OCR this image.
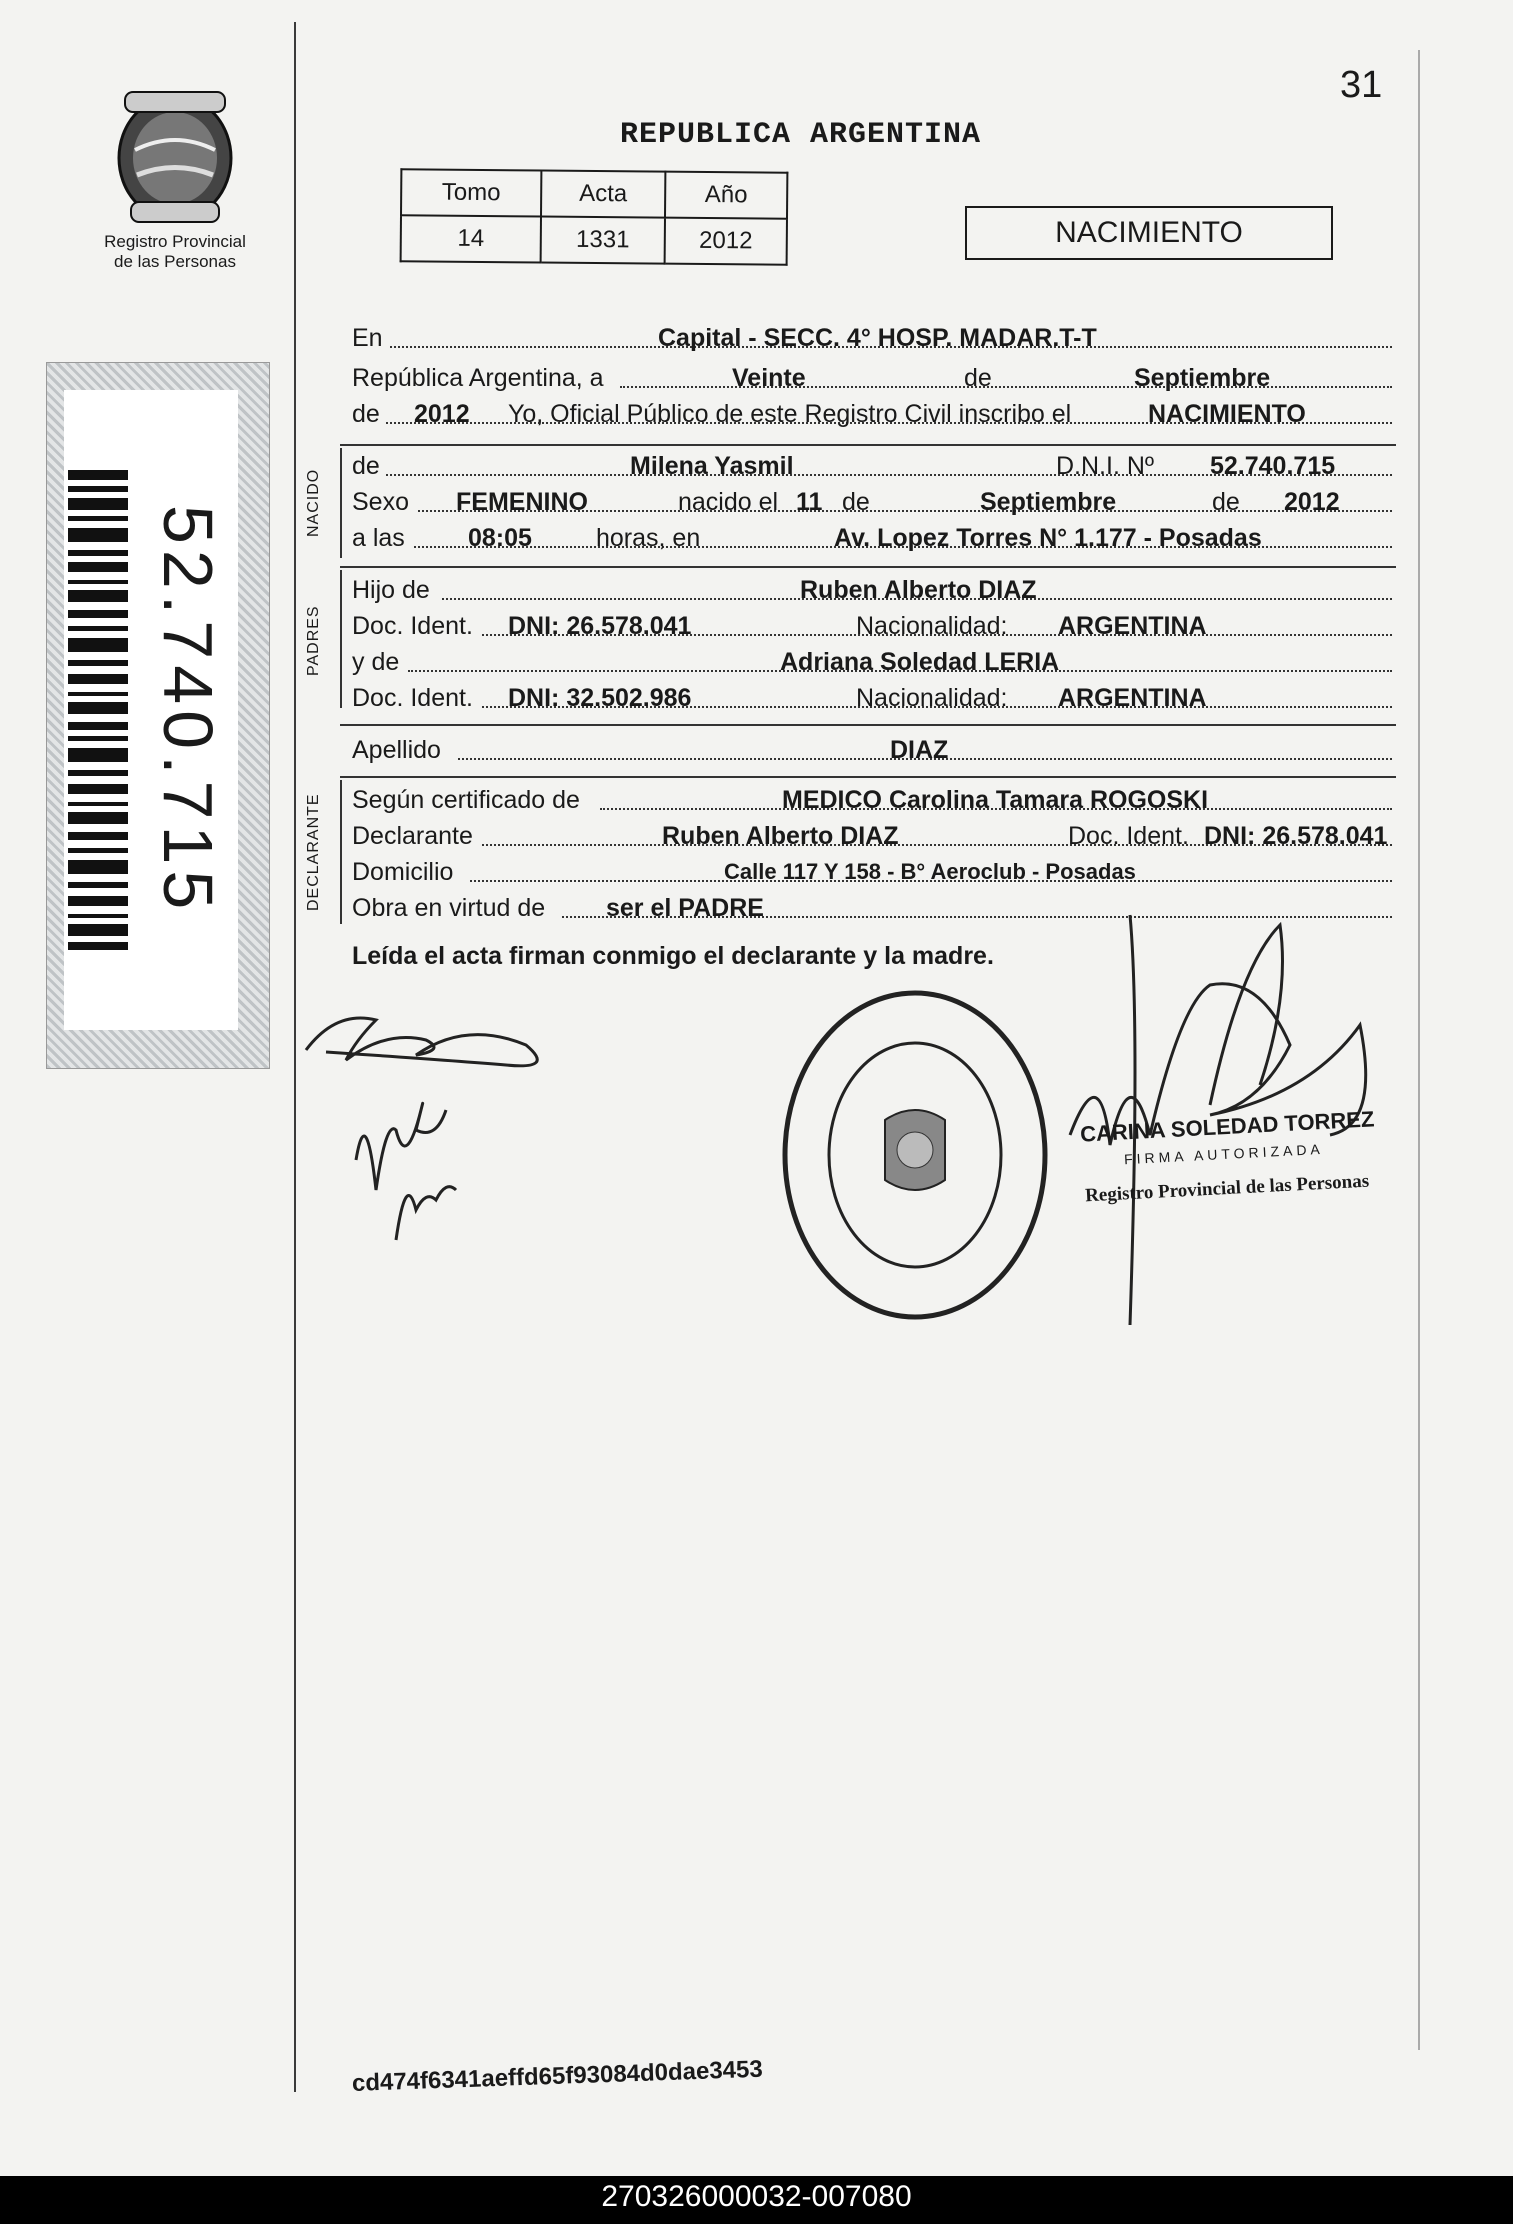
Registro Provincial
de las Personas
52.740.715
31
REPUBLICA ARGENTINA
Tomo	Acta	Año
14	1331	2012	NACIMIENTO
En	Capital - SECC. 4° HOSP. MADAR.T-T
República Argentina, a	Veinte	de	Septiembre
de 2012 Yo, Oficial Público de este Registro Civil inscribo el	NACIMIENTO
NACIDO
de	Milena Yasmil	D.N.I. Nº 52.740.715
Sexo FEMENINO	nacido el 11 de	Septiembre	de 2012
a las	08:05	horas, en	Av. Lopez Torres N° 1.177 - Posadas
PADRES
Hijo de	Ruben Alberto DIAZ
Doc. Ident. DNI: 26.578.041	Nacionalidad: ARGENTINA
y de	Adriana Soledad LERIA
Doc. Ident. DNI: 32.502.986	Nacionalidad: ARGENTINA
Apellido	DIAZ
DECLARANTE	Según certificado de	MEDICO Carolina Tamara ROGOSKI
Declarante	Ruben Alberto DIAZ	Doc. Ident. DNI: 26.578.041
Domicilio	Calle 117 Y 158 - B° Aeroclub - Posadas
Obra en virtud de ser el PADRE
Leída el acta firman conmigo el declarante y la madre.
CARINA SOLEDAD TORREZ
FIRMA AUTORIZADA
Registro Provincial de las Personas
cd474f6341aeffd65f93084d0dae3453
270326000032-007080
